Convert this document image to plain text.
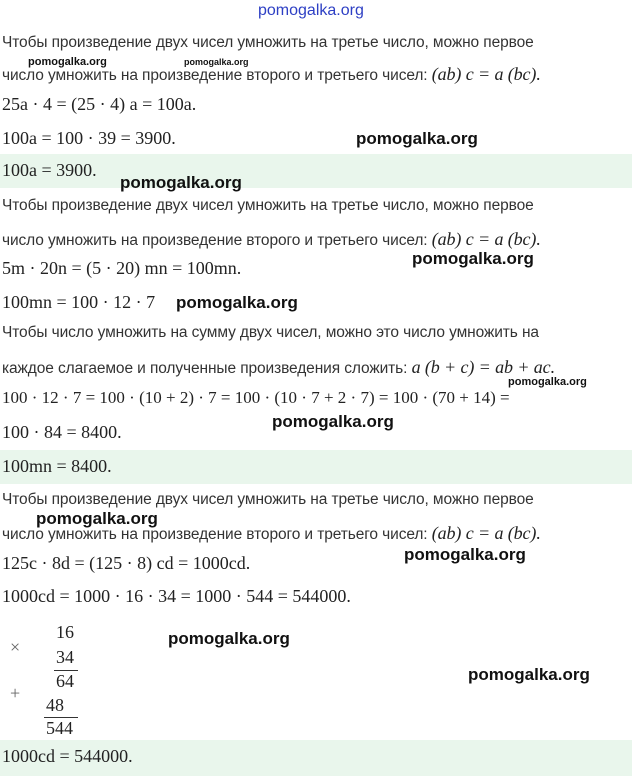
pomogalka.org
Чтобы произведение двух чисел умножить на третье число, можно первое
число умножить на произведение второго и третьего чисел: (ab) c = a (bc).
pomogalka.org	pomogalka.org
25a · 4 = (25 · 4) a = 100a.
100a = 100 · 39 = 3900.	pomogalka.org
100a = 3900.
pomogalka.org
Чтобы произведение двух чисел умножить на третье число, можно первое
число умножить на произведение второго и третьего чисел: (ab) c = a (bc).
5m · 20n = (5 · 20) mn = 100mn.	pomogalka.org
100mn = 100 · 12 · 7 pomogalka.org
Чтобы число умножить на сумму двух чисел, можно это число умножить на
каждое слагаемое и полученные произведения сложить: a (b + c) = ab + ac.
pomogalka.org
100 · 12 · 7 = 100 · (10 + 2) · 7 = 100 · (10 · 7 + 2 · 7) = 100 · (70 + 14) =
100 · 84 = 8400.
pomogalka.org
100mn = 8400.
Чтобы произведение двух чисел умножить на третье число, можно первое
pomogalka.org
число умножить на произведение второго и третьего чисел: (ab) c = a (bc).
125c · 8d = (125 · 8) cd = 1000cd.	pomogalka.org
1000cd = 1000 · 16 · 34 = 1000 · 544 = 544000.
×
16
34
64
+
48
544
pomogalka.org
pomogalka.org
1000cd = 544000.
